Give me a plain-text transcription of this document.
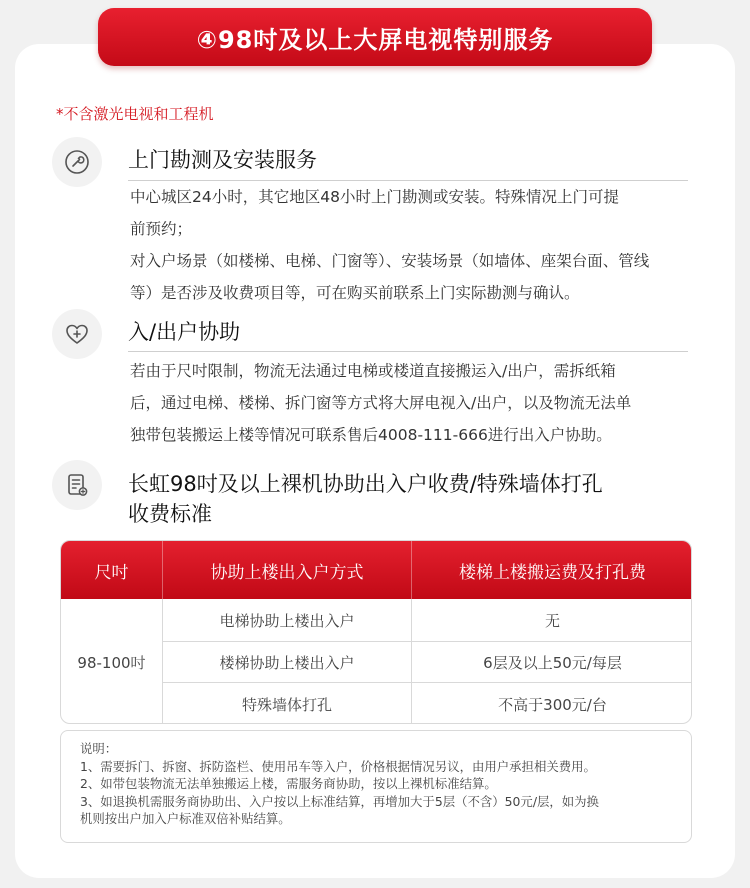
④98吋及以上大屏电视特别服务
*不含激光电视和工程机
上门勘测及安装服务
中心城区24小时，其它地区48小时上门勘测或安装。特殊情况上门可提
前预约；
对入户场景（如楼梯、电梯、门窗等）、安装场景（如墙体、座架台面、管线
等）是否涉及收费项目等，可在购买前联系上门实际勘测与确认。
入/出户协助
若由于尺吋限制，物流无法通过电梯或楼道直接搬运入/出户，需拆纸箱
后，通过电梯、楼梯、拆门窗等方式将大屏电视入/出户，以及物流无法单
独带包装搬运上楼等情况可联系售后4008-111-666进行出入户协助。
长虹98吋及以上裸机协助出入户收费/特殊墙体打孔
收费标准
尺吋	协助上楼出入户方式	楼梯上楼搬运费及打孔费
98-100吋
电梯协助上楼出入户	无
楼梯协助上楼出入户	6层及以上50元/每层
特殊墙体打孔	不高于300元/台
说明：
1、需要拆门、拆窗、拆防盗栏、使用吊车等入户，价格根据情况另议，由用户承担相关费用。
2、如带包装物流无法单独搬运上楼，需服务商协助，按以上裸机标准结算。
3、如退换机需服务商协助出、入户按以上标准结算，再增加大于5层（不含）50元/层，如为换
机则按出户加入户标准双倍补贴结算。
